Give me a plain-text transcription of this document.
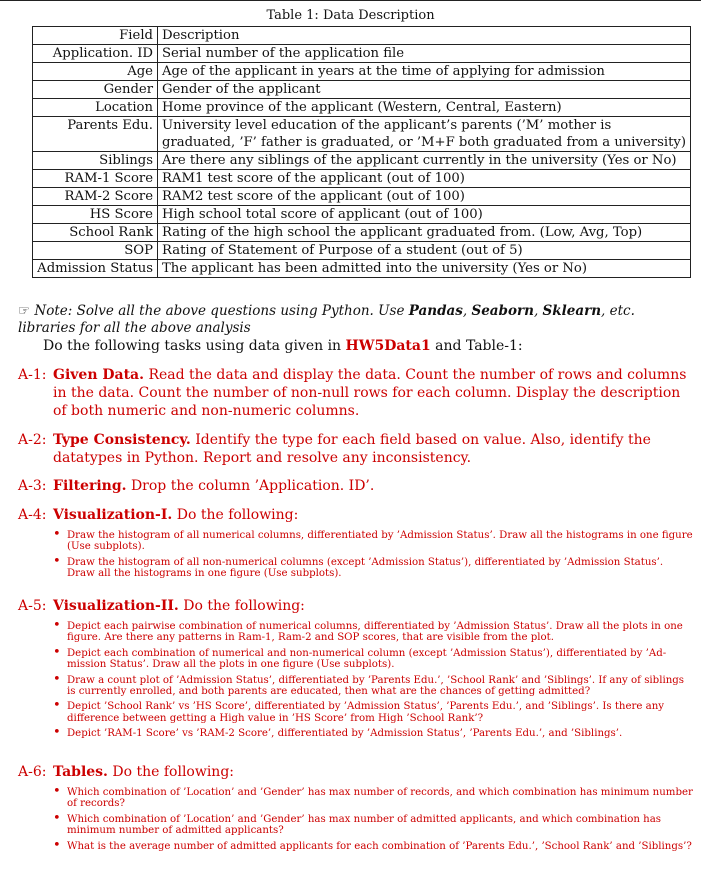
Table 1: Data Description
Field	Description
Application. ID	Serial number of the application file
Age	Age of the applicant in years at the time of applying for admission
Gender	Gender of the applicant
Location	Home province of the applicant (Western, Central, Eastern)
Parents Edu.	University level education of the applicant’s parents (’M’ mother is graduated, ’F’ father is graduated, or ’M+F both graduated from a university)
Siblings	Are there any siblings of the applicant currently in the university (Yes or No)
RAM-1 Score	RAM1 test score of the applicant (out of 100)
RAM-2 Score	RAM2 test score of the applicant (out of 100)
HS Score	High school total score of applicant (out of 100)
School Rank	Rating of the high school the applicant graduated from. (Low, Avg, Top)
SOP	Rating of Statement of Purpose of a student (out of 5)
Admission Status	The applicant has been admitted into the university (Yes or No)
☞ Note: Solve all the above questions using Python. Use Pandas, Seaborn, Sklearn, etc. libraries for all the above analysis
Do the following tasks using data given in HW5Data1 and Table-1:
A-1: Given Data. Read the data and display the data. Count the number of rows and columns in the data. Count the number of non-null rows for each column. Display the description of both numeric and non-numeric columns.
A-2: Type Consistency. Identify the type for each field based on value. Also, identify the datatypes in Python. Report and resolve any inconsistency.
A-3: Filtering. Drop the column ’Application. ID’.
A-4: Visualization-I. Do the following:
• Draw the histogram of all numerical columns, differentiated by ’Admission Status’. Draw all the histograms in one figure (Use subplots).
• Draw the histogram of all non-numerical columns (except ’Admission Status’), differentiated by ’Admission Status’. Draw all the histograms in one figure (Use subplots).
A-5: Visualization-II. Do the following:
• Depict each pairwise combination of numerical columns, differentiated by ’Admission Status’. Draw all the plots in one figure. Are there any patterns in Ram-1, Ram-2 and SOP scores, that are visible from the plot.
• Depict each combination of numerical and non-numerical column (except ’Admission Status’), differentiated by ’Ad-mission Status’. Draw all the plots in one figure (Use subplots).
• Draw a count plot of ’Admission Status’, differentiated by ’Parents Edu.’, ’School Rank’ and ’Siblings’. If any of siblings is currently enrolled, and both parents are educated, then what are the chances of getting admitted?
• Depict ’School Rank’ vs ’HS Score’, differentiated by ’Admission Status’, ’Parents Edu.’, and ’Siblings’. Is there any difference between getting a High value in ’HS Score’ from High ’School Rank’?
• Depict ’RAM-1 Score’ vs ’RAM-2 Score’, differentiated by ’Admission Status’, ’Parents Edu.’, and ’Siblings’.
A-6: Tables. Do the following:
• Which combination of ’Location’ and ’Gender’ has max number of records, and which combination has minimum number of records?
• Which combination of ’Location’ and ’Gender’ has max number of admitted applicants, and which combination has minimum number of admitted applicants?
• What is the average number of admitted applicants for each combination of ’Parents Edu.’, ’School Rank’ and ’Siblings’?
